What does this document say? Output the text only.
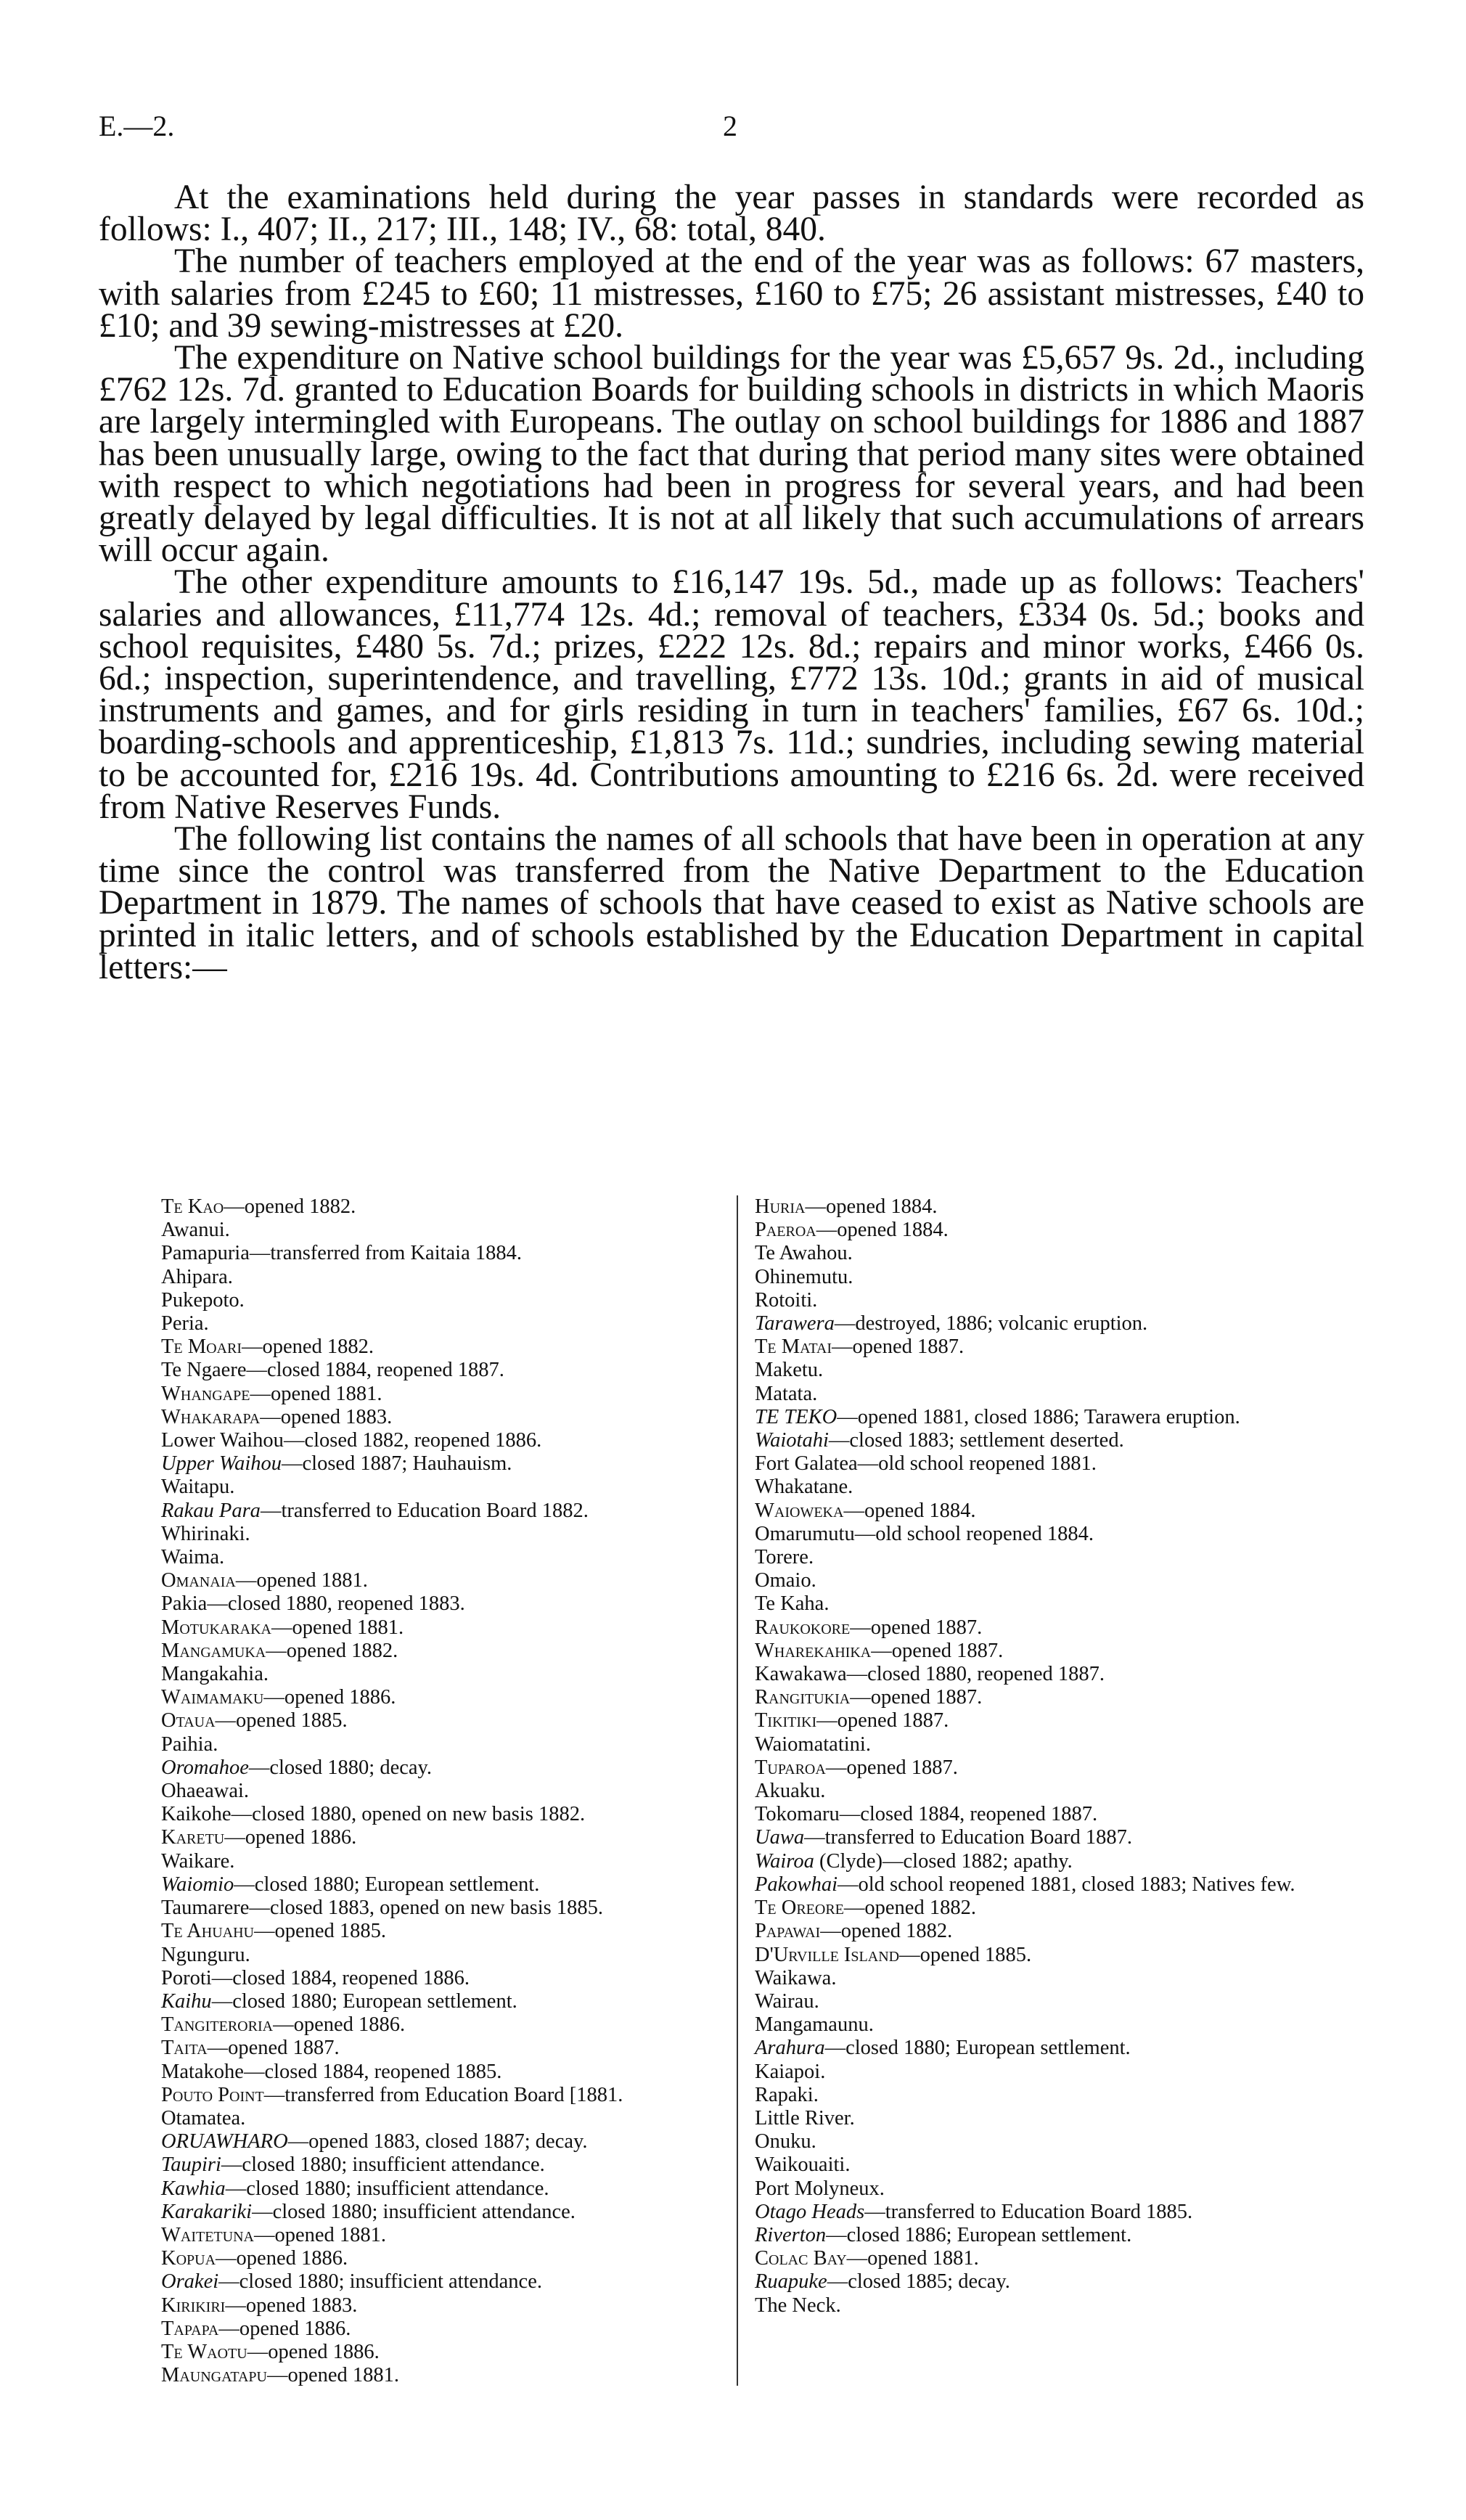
E.—2.	2

At the examinations held during the year passes in standards were recorded as follows: I., 407; II., 217; III., 148; IV., 68: total, 840.

The number of teachers employed at the end of the year was as follows: 67 masters, with salaries from £245 to £60; 11 mistresses, £160 to £75; 26 assistant mistresses, £40 to £10; and 39 sewing-mistresses at £20.

The expenditure on Native school buildings for the year was £5,657 9s. 2d., including £762 12s. 7d. granted to Education Boards for building schools in districts in which Maoris are largely intermingled with Europeans. The outlay on school buildings for 1886 and 1887 has been unusually large, owing to the fact that during that period many sites were obtained with respect to which negotiations had been in progress for several years, and had been greatly delayed by legal difficulties. It is not at all likely that such accumulations of arrears will occur again.

The other expenditure amounts to £16,147 19s. 5d., made up as follows: Teachers' salaries and allowances, £11,774 12s. 4d.; removal of teachers, £334 0s. 5d.; books and school requisites, £480 5s. 7d.; prizes, £222 12s. 8d.; repairs and minor works, £466 0s. 6d.; inspection, superintendence, and travelling, £772 13s. 10d.; grants in aid of musical instruments and games, and for girls residing in turn in teachers' families, £67 6s. 10d.; boarding-schools and apprenticeship, £1,813 7s. 11d.; sundries, including sewing material to be accounted for, £216 19s. 4d. Contributions amounting to £216 6s. 2d. were received from Native Reserves Funds.

The following list contains the names of all schools that have been in operation at any time since the control was transferred from the Native Department to the Education Department in 1879. The names of schools that have ceased to exist as Native schools are printed in italic letters, and of schools established by the Education Department in capital letters:—

Te Kao—opened 1882.
Awanui.
Pamapuria—transferred from Kaitaia 1884.
Ahipara.
Pukepoto.
Peria.
Te Moari—opened 1882.
Te Ngaere—closed 1884, reopened 1887.
Whangape—opened 1881.
Whakarapa—opened 1883.
Lower Waihou—closed 1882, reopened 1886.
Upper Waihou—closed 1887; Hauhauism.
Waitapu.
Rakau Para—transferred to Education Board 1882.
Whirinaki.
Waima.
Omanaia—opened 1881.
Pakia—closed 1880, reopened 1883.
Motukaraka—opened 1881.
Mangamuka—opened 1882.
Mangakahia.
Waimamaku—opened 1886.
Otaua—opened 1885.
Paihia.
Oromahoe—closed 1880; decay.
Ohaeawai.
Kaikohe—closed 1880, opened on new basis 1882.
Karetu—opened 1886.
Waikare.
Waiomio—closed 1880; European settlement.
Taumarere—closed 1883, opened on new basis 1885.
Te Ahuahu—opened 1885.
Ngunguru.
Poroti—closed 1884, reopened 1886.
Kaihu—closed 1880; European settlement.
Tangiteroria—opened 1886.
Taita—opened 1887.
Matakohe—closed 1884, reopened 1885.
Pouto Point—transferred from Education Board [1881.
Otamatea.
ORUAWHARO—opened 1883, closed 1887; decay.
Taupiri—closed 1880; insufficient attendance.
Kawhia—closed 1880; insufficient attendance.
Karakariki—closed 1880; insufficient attendance.
Waitetuna—opened 1881.
Kopua—opened 1886.
Orakei—closed 1880; insufficient attendance.
Kirikiri—opened 1883.
Tapapa—opened 1886.
Te Waotu—opened 1886.
Maungatapu—opened 1881.
Huria—opened 1884.
Paeroa—opened 1884.
Te Awahou.
Ohinemutu.
Rotoiti.
Tarawera—destroyed, 1886; volcanic eruption.
Te Matai—opened 1887.
Maketu.
Matata.
TE TEKO—opened 1881, closed 1886; Tarawera eruption.
Waiotahi—closed 1883; settlement deserted.
Fort Galatea—old school reopened 1881.
Whakatane.
Waioweka—opened 1884.
Omarumutu—old school reopened 1884.
Torere.
Omaio.
Te Kaha.
Raukokore—opened 1887.
Wharekahika—opened 1887.
Kawakawa—closed 1880, reopened 1887.
Rangitukia—opened 1887.
Tikitiki—opened 1887.
Waiomatatini.
Tuparoa—opened 1887.
Akuaku.
Tokomaru—closed 1884, reopened 1887.
Uawa—transferred to Education Board 1887.
Wairoa (Clyde)—closed 1882; apathy.
Pakowhai—old school reopened 1881, closed 1883; Natives few.
Te Oreore—opened 1882.
Papawai—opened 1882.
D'Urville Island—opened 1885.
Waikawa.
Wairau.
Mangamaunu.
Arahura—closed 1880; European settlement.
Kaiapoi.
Rapaki.
Little River.
Onuku.
Waikouaiti.
Port Molyneux.
Otago Heads—transferred to Education Board 1885.
Riverton—closed 1886; European settlement.
Colac Bay—opened 1881.
Ruapuke—closed 1885; decay.
The Neck.
